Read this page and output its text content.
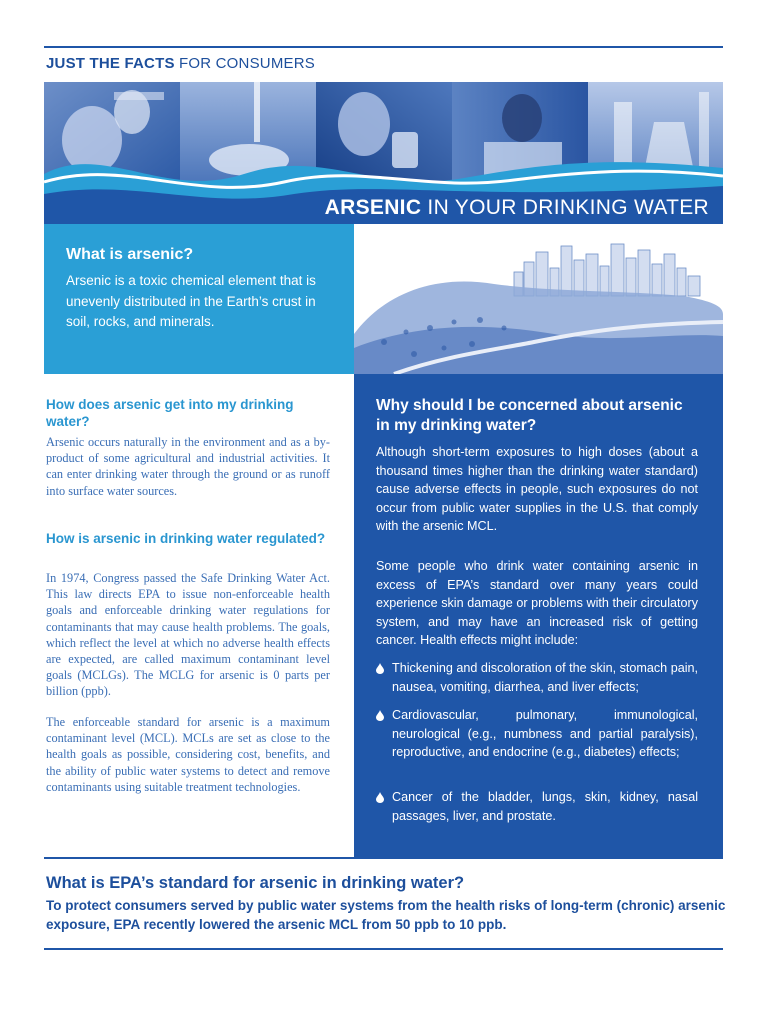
JUST THE FACTS FOR CONSUMERS
ARSENIC IN YOUR DRINKING WATER
What is arsenic?
Arsenic is a toxic chemical element that is unevenly distributed in the Earth’s crust in soil, rocks, and minerals.

How does arsenic get into my drinking water?

Arsenic occurs naturally in the environment and as a by-product of some agricultural and industrial activities. It can enter drinking water through the ground or as runoff into surface water sources.

How is arsenic in drinking water regulated?

In 1974, Congress passed the Safe Drinking Water Act. This law directs EPA to issue non-enforceable health goals and enforceable drinking water regulations for contaminants that may cause health problems. The goals, which reflect the level at which no adverse health effects are expected, are called maximum contaminant level goals (MCLGs). The MCLG for arsenic is 0 parts per billion (ppb).

The enforceable standard for arsenic is a maximum contaminant level (MCL). MCLs are set as close to the health goals as possible, considering cost, benefits, and the ability of public water systems to detect and remove contaminants using suitable treatment technologies.

Why should I be concerned about arsenic in my drinking water?
Although short-term exposures to high doses (about a thousand times higher than the drinking water standard) cause adverse effects in people, such exposures do not occur from public water supplies in the U.S. that comply with the arsenic MCL.
Some people who drink water containing arsenic in excess of EPA’s standard over many years could experience skin damage or problems with their circulatory system, and may have an increased risk of getting cancer. Health effects might include:
Thickening and discoloration of the skin, stomach pain, nausea, vomiting, diarrhea, and liver effects;
Cardiovascular, pulmonary, immunological, neurological (e.g., numbness and partial paralysis), reproductive, and endocrine (e.g., diabetes) effects;
Cancer of the bladder, lungs, skin, kidney, nasal passages, liver, and prostate.
What is EPA’s standard for arsenic in drinking water?
To protect consumers served by public water systems from the health risks of long-term (chronic) arsenic exposure, EPA recently lowered the arsenic MCL from 50 ppb to 10 ppb.
